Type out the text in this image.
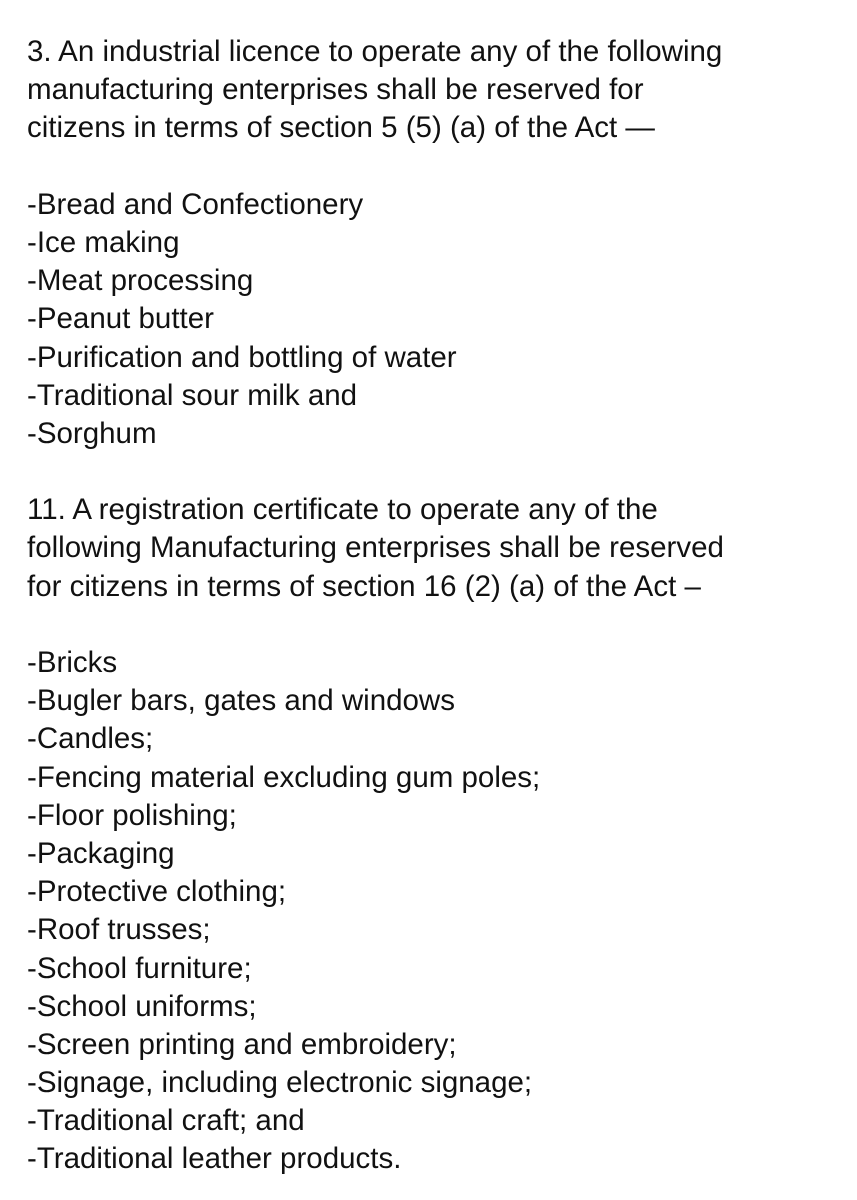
3. An industrial licence to operate any of the following
manufacturing enterprises shall be reserved for
citizens in terms of section 5 (5) (a) of the Act —
-Bread and Confectionery
-Ice making
-Meat processing
-Peanut butter
-Purification and bottling of water
-Traditional sour milk and
-Sorghum
11. A registration certificate to operate any of the
following Manufacturing enterprises shall be reserved
for citizens in terms of section 16 (2) (a) of the Act –
-Bricks
-Bugler bars, gates and windows
-Candles;
-Fencing material excluding gum poles;
-Floor polishing;
-Packaging
-Protective clothing;
-Roof trusses;
-School furniture;
-School uniforms;
-Screen printing and embroidery;
-Signage, including electronic signage;
-Traditional craft; and
-Traditional leather products.
